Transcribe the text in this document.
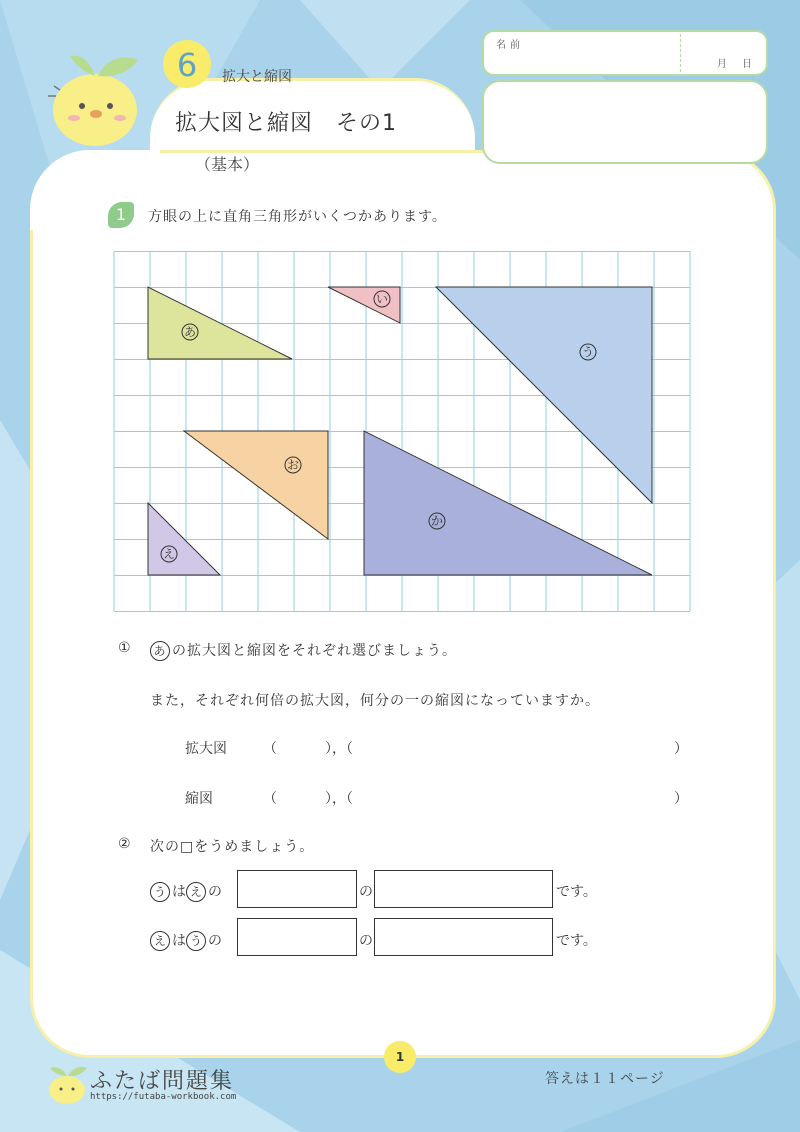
6	拡大と縮図
拡大図と縮図　その1
（基本）
名前
月 日
1	方眼の上に直角三角形がいくつかあります。
あ
い
う
え
お
か
① あ の拡大図と縮図をそれぞれ選びましょう。
また，それぞれ何倍の拡大図，何分の一の縮図になっていますか。
拡大図	（	），（	）
縮図	（	），（	）
② 次の□をうめましょう。
う は え の	の	です。
え は う の	の	です。
ふたば問題集
https://futaba-workbook.com
1
答えは１１ページ
